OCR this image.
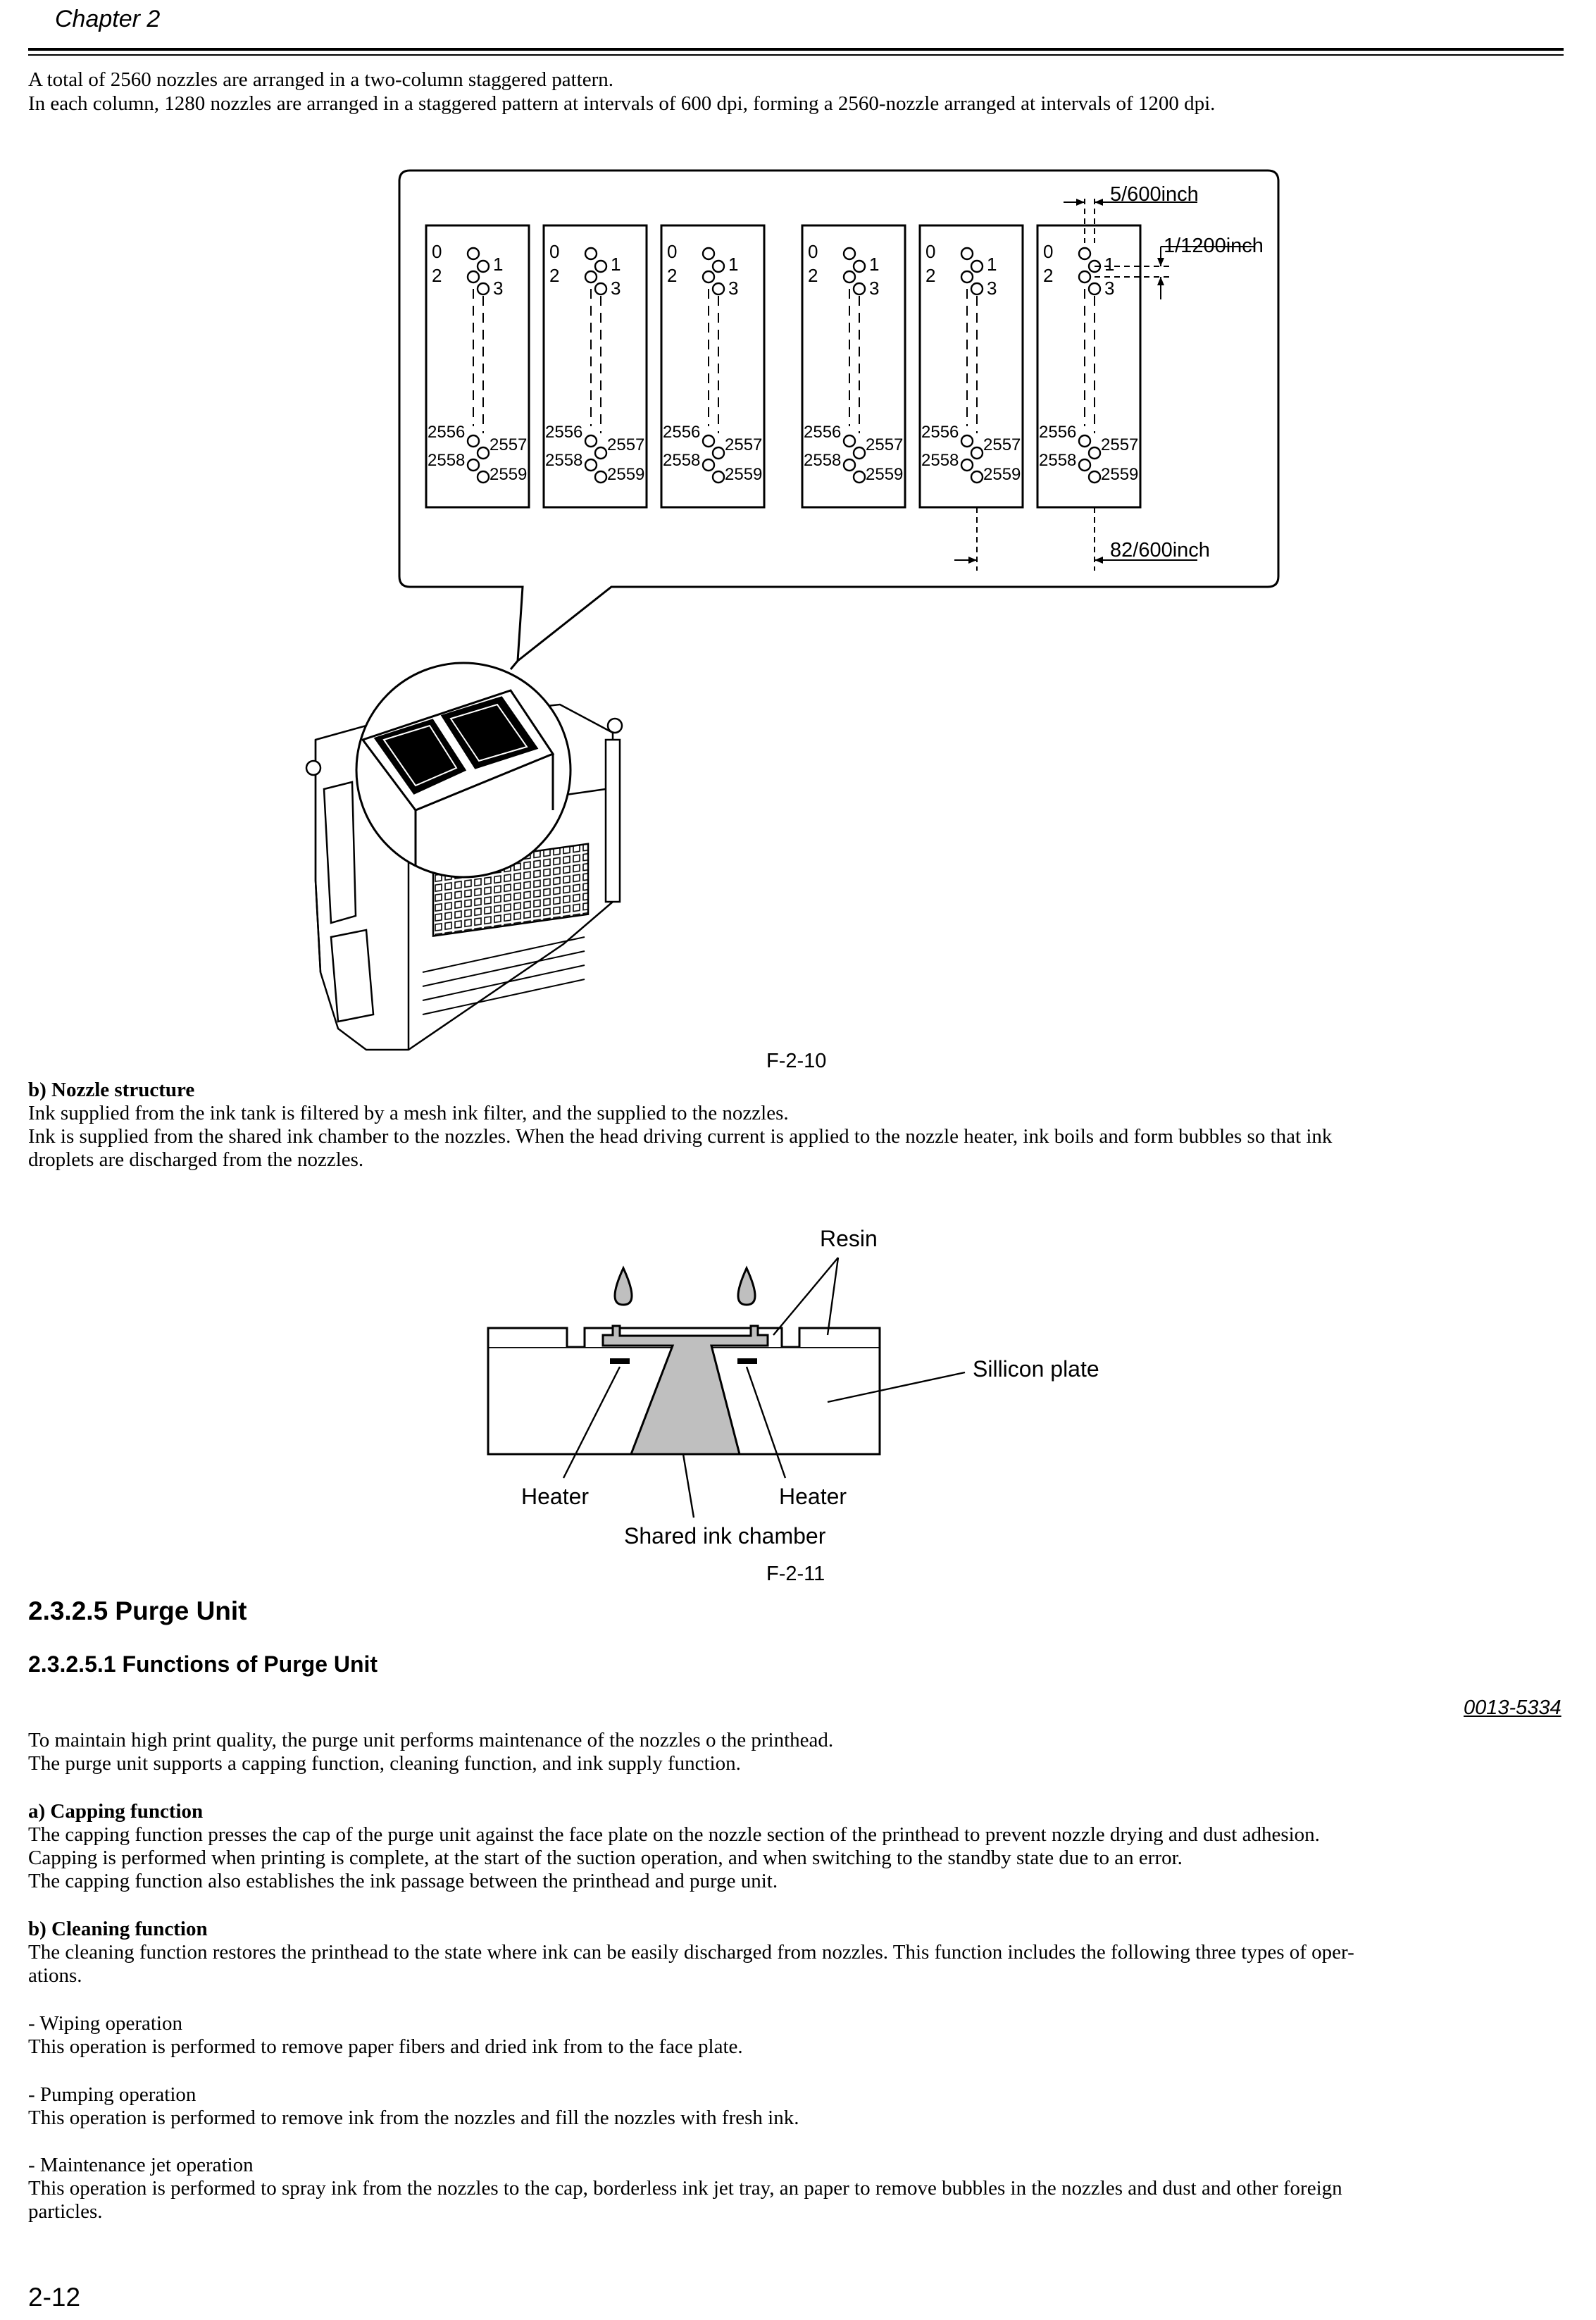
Chapter 2
A total of 2560 nozzles are arranged in a two-column staggered pattern.
In each column, 1280 nozzles are arranged in a staggered pattern at intervals of 600 dpi, forming a 2560-nozzle arranged at intervals of 1200 dpi.
5/600inch
1/1200inch
82/600inch
0
1
2
3
2556
2557
2558
2559
0
1
2
3
2556
2557
2558
2559
0
1
2
3
2556
2557
2558
2559
0
1
2
3
2556
2557
2558
2559
0
1
2
3
2556
2557
2558
2559
0
1
2
3
2556
2557
2558
2559
F-2-10
b) Nozzle structure
Ink supplied from the ink tank is filtered by a mesh ink filter, and the supplied to the nozzles.
Ink is supplied from the shared ink chamber to the nozzles. When the head driving current is applied to the nozzle heater, ink boils and form bubbles so that ink
droplets are discharged from the nozzles.
Resin
Sillicon plate
Heater	Heater
Shared ink chamber
F-2-11
2.3.2.5 Purge Unit
2.3.2.5.1 Functions of Purge Unit
0013-5334
To maintain high print quality, the purge unit performs maintenance of the nozzles o the printhead.
The purge unit supports a capping function, cleaning function, and ink supply function.
a) Capping function
The capping function presses the cap of the purge unit against the face plate on the nozzle section of the printhead to prevent nozzle drying and dust adhesion.
Capping is performed when printing is complete, at the start of the suction operation, and when switching to the standby state due to an error.
The capping function also establishes the ink passage between the printhead and purge unit.
b) Cleaning function
The cleaning function restores the printhead to the state where ink can be easily discharged from nozzles. This function includes the following three types of oper-
ations.
- Wiping operation
This operation is performed to remove paper fibers and dried ink from to the face plate.
- Pumping operation
This operation is performed to remove ink from the nozzles and fill the nozzles with fresh ink.
- Maintenance jet operation
This operation is performed to spray ink from the nozzles to the cap, borderless ink jet tray, an paper to remove bubbles in the nozzles and dust and other foreign
particles.
2-12
